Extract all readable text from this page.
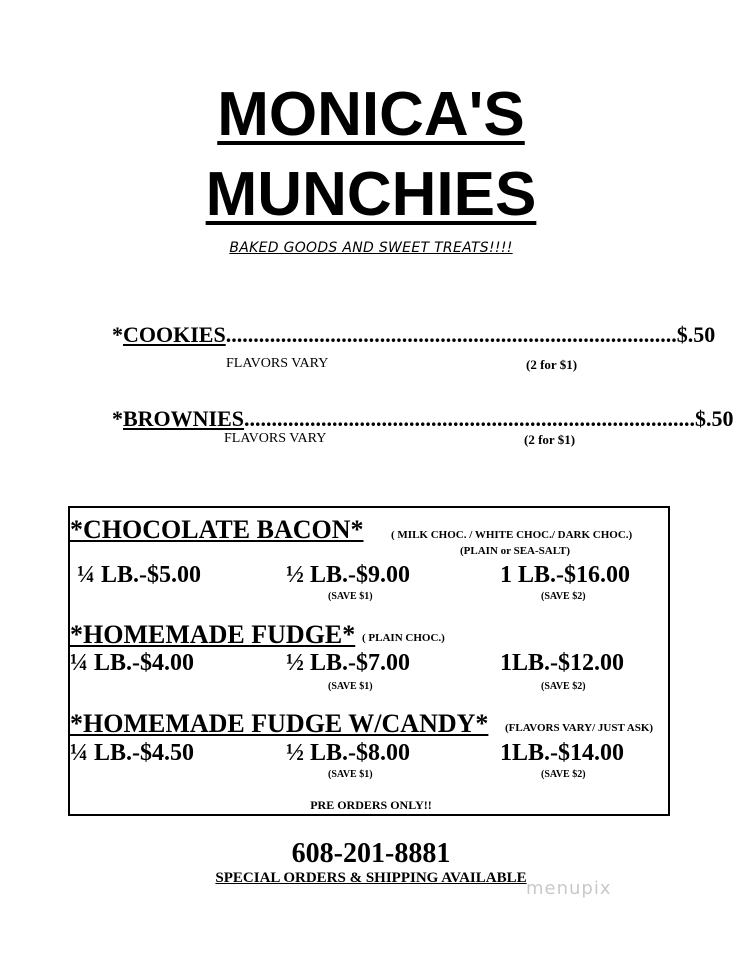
MONICA'S
MUNCHIES
BAKED GOODS AND SWEET TREATS!!!!
* COOKIES .................................................................................. $.50
FLAVORS VARY	(2 for $1)
* BROWNIES .................................................................................. $.50
FLAVORS VARY	(2 for $1)
*CHOCOLATE BACON*	( MILK CHOC. / WHITE CHOC./ DARK CHOC.)
(PLAIN or SEA-SALT)
¼ LB.-$5.00	½ LB.-$9.00	1 LB.-$16.00
(SAVE $1)	(SAVE $2)
*HOMEMADE FUDGE* ( PLAIN CHOC.)
¼ LB.-$4.00	½ LB.-$7.00	1LB.-$12.00
(SAVE $1)	(SAVE $2)
*HOMEMADE FUDGE W/CANDY* (FLAVORS VARY/ JUST ASK)
¼ LB.-$4.50	½ LB.-$8.00	1LB.-$14.00
(SAVE $1)	(SAVE $2)
PRE ORDERS ONLY!!
608-201-8881
SPECIAL ORDERS & SHIPPING AVAILABLE menupix
